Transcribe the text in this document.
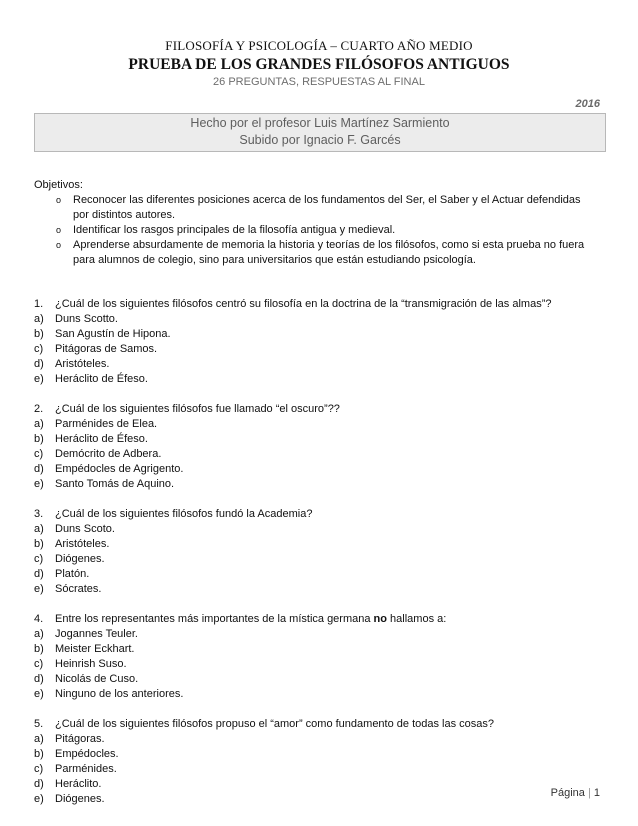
FILOSOFÍA Y PSICOLOGÍA – CUARTO AÑO MEDIO
PRUEBA DE LOS GRANDES FILÓSOFOS ANTIGUOS
26 PREGUNTAS, RESPUESTAS AL FINAL
2016
Hecho por el profesor Luis Martínez Sarmiento
Subido por Ignacio F. Garcés
Objetivos:
o Reconocer las diferentes posiciones acerca de los fundamentos del Ser, el Saber y el Actuar defendidas por distintos autores.
o Identificar los rasgos principales de la filosofía antigua y medieval.
o Aprenderse absurdamente de memoria la historia y teorías de los filósofos, como si esta prueba no fuera para alumnos de colegio, sino para universitarios que están estudiando psicología.
1. ¿Cuál de los siguientes filósofos centró su filosofía en la doctrina de la “transmigración de las almas”?
a) Duns Scotto.
b) San Agustín de Hipona.
c) Pitágoras de Samos.
d) Aristóteles.
e) Heráclito de Éfeso.
2. ¿Cuál de los siguientes filósofos fue llamado “el oscuro”??
a) Parménides de Elea.
b) Heráclito de Éfeso.
c) Demócrito de Adbera.
d) Empédocles de Agrigento.
e) Santo Tomás de Aquino.
3. ¿Cuál de los siguientes filósofos fundó la Academia?
a) Duns Scoto.
b) Aristóteles.
c) Diógenes.
d) Platón.
e) Sócrates.
4. Entre los representantes más importantes de la mística germana no hallamos a:
a) Jogannes Teuler.
b) Meister Eckhart.
c) Heinrish Suso.
d) Nicolás de Cuso.
e) Ninguno de los anteriores.
5. ¿Cuál de los siguientes filósofos propuso el “amor” como fundamento de todas las cosas?
a) Pitágoras.
b) Empédocles.
c) Parménides.
d) Heráclito.
e) Diógenes.	Página | 1
